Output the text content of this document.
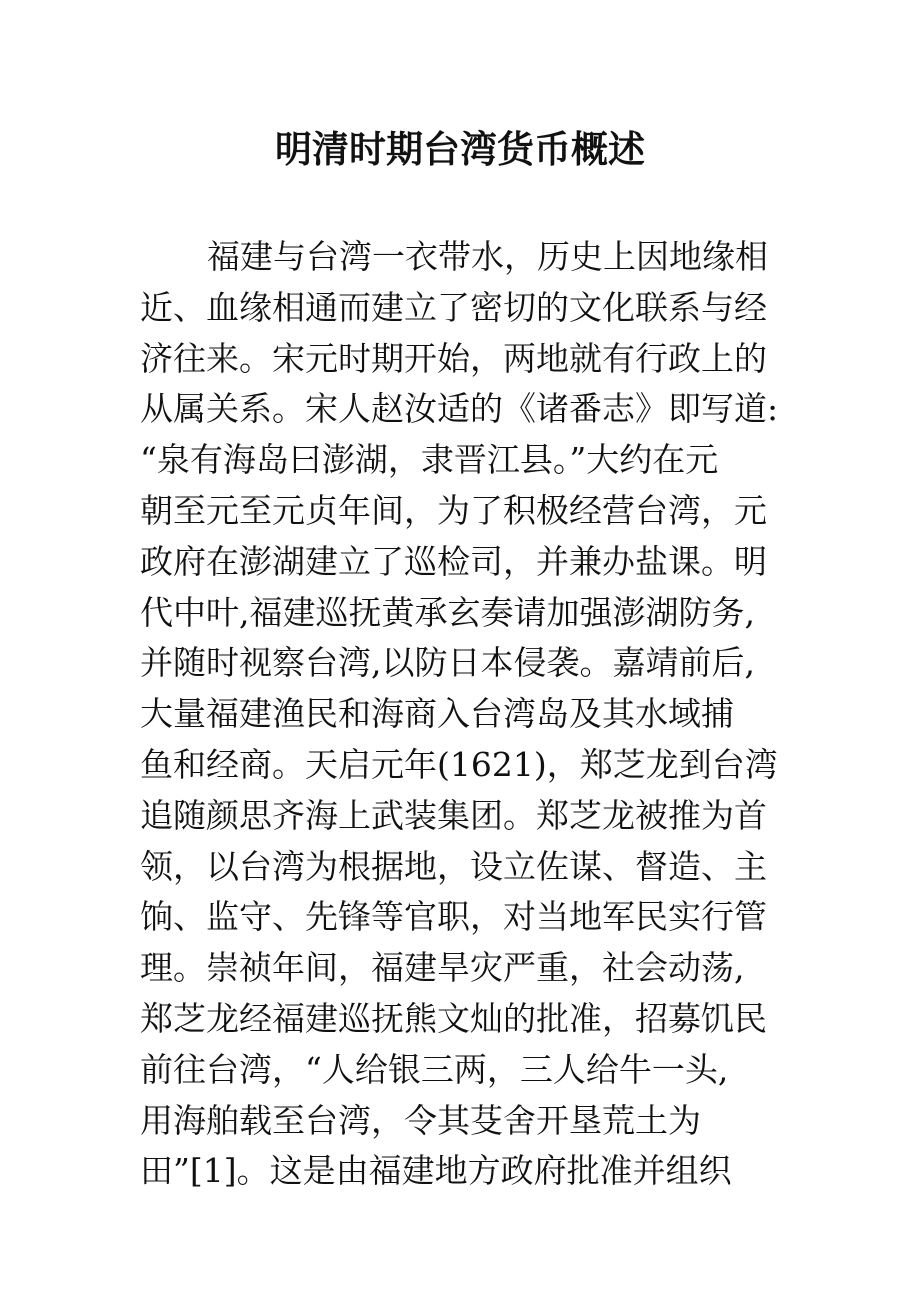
明清时期台湾货币概述
福建与台湾一衣带水，历史上因地缘相
近、血缘相通而建立了密切的文化联系与经
济往来。宋元时期开始，两地就有行政上的
从属关系。宋人赵汝适的《诸番志》即写道:
“泉有海岛曰澎湖，隶晋江县。”大约在元
朝至元至元贞年间，为了积极经营台湾，元
政府在澎湖建立了巡检司，并兼办盐课。明
代中叶,福建巡抚黄承玄奏请加强澎湖防务,
并随时视察台湾,以防日本侵袭。嘉靖前后,
大量福建渔民和海商入台湾岛及其水域捕
鱼和经商。天启元年(1621)，郑芝龙到台湾
追随颜思齐海上武装集团。郑芝龙被推为首
领，以台湾为根据地，设立佐谋、督造、主
饷、监守、先锋等官职，对当地军民实行管
理。崇祯年间，福建旱灾严重，社会动荡,
郑芝龙经福建巡抚熊文灿的批准，招募饥民
前往台湾，“人给银三两，三人给牛一头,
用海舶载至台湾，令其芟舍开垦荒土为
田”[1]。这是由福建地方政府批准并组织
